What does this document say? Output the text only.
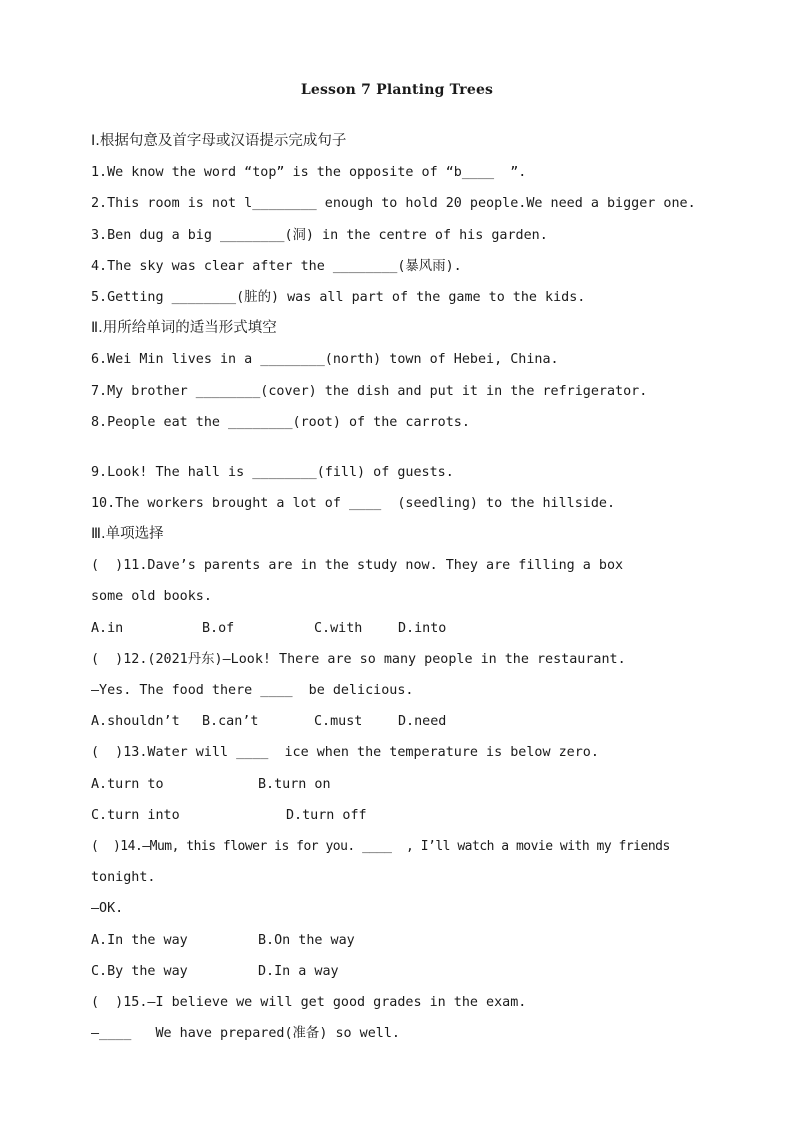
Lesson 7 Planting Trees
Ⅰ.根据句意及首字母或汉语提示完成句子
1.We know the word “top” is the opposite of “b____  ”.
2.This room is not l________ enough to hold 20 people.We need a bigger one.
3.Ben dug a big ________(洞) in the centre of his garden.
4.The sky was clear after the ________(暴风雨).
5.Getting ________(脏的) was all part of the game to the kids.
Ⅱ.用所给单词的适当形式填空
6.Wei Min lives in a ________(north) town of Hebei, China.
7.My brother ________(cover) the dish and put it in the refrigerator.
8.People eat the ________(root) of the carrots.
9.Look! The hall is ________(fill) of guests.
10.The workers brought a lot of ____  (seedling) to the hillside.
Ⅲ.单项选择
(  )11.Dave’s parents are in the study now. They are filling a box
some old books.
A.in	B.of	C.with	D.into
(  )12.(2021丹东)—Look! There are so many people in the restaurant.
—Yes. The food there ____  be delicious.
A.shouldn’t B.can’t	C.must	D.need
(  )13.Water will ____  ice when the temperature is below zero.
A.turn to	B.turn on
C.turn into	D.turn off
(  )14.—Mum, this flower is for you. ____  , I’ll watch a movie with my friends
tonight.
—OK.
A.In the way	B.On the way
C.By the way	D.In a way
(  )15.—I believe we will get good grades in the exam.
—____   We have prepared(准备) so well.
